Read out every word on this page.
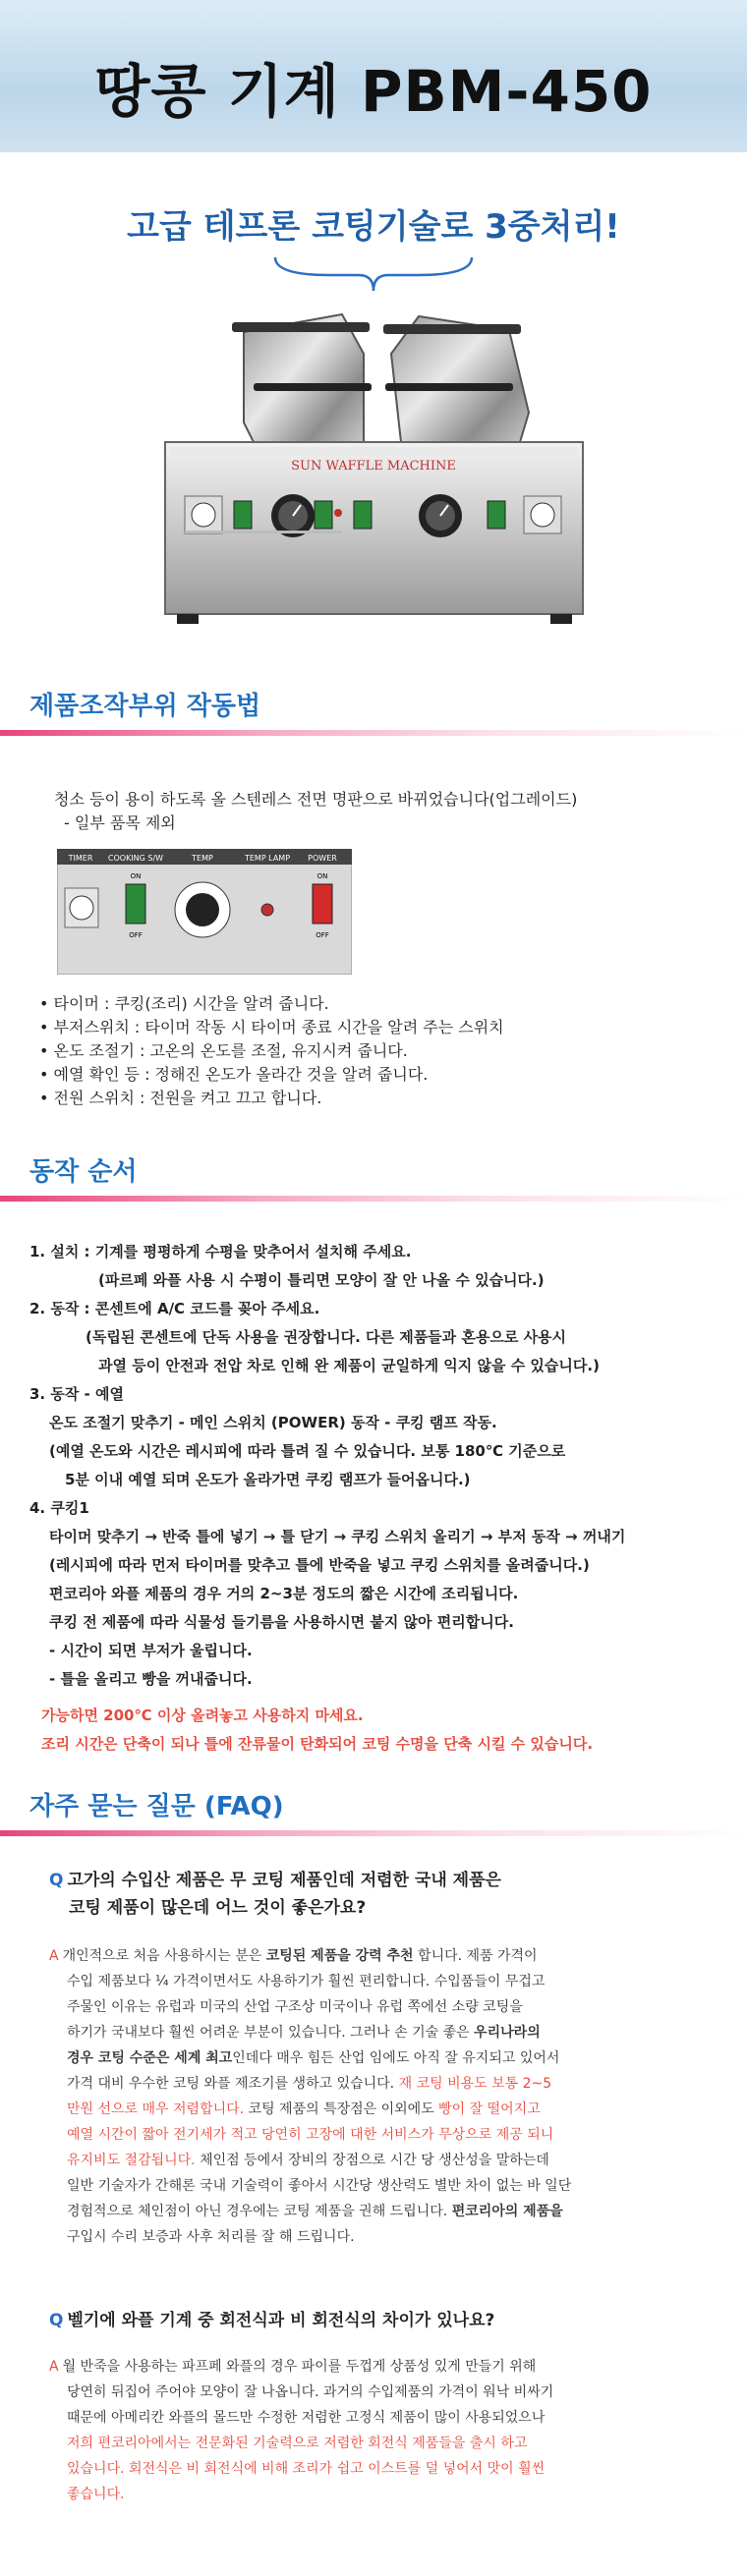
땅콩 기계 PBM-450
고급 테프론 코팅기술로 3중처리!
SUN WAFFLE MACHINE
제품조작부위 작동법
청소 등이 용이 하도록 올 스텐레스 전면 명판으로 바뀌었습니다(업그레이드)
- 일부 품목 제외
TIMER COOKING S/W	TEMP	TEMP LAMP POWER
ON
OFF
ON
OFF
• 타이머 : 쿠킹(조리) 시간을 알려 줍니다.
• 부저스위치 : 타이머 작동 시 타이머 종료 시간을 알려 주는 스위치
• 온도 조절기 : 고온의 온도를 조절, 유지시켜 줍니다.
• 예열 확인 등 : 정해진 온도가 올라간 것을 알려 줍니다.
• 전원 스위치 : 전원을 켜고 끄고 합니다.
동작 순서
1. 설치 : 기계를 평평하게 수평을 맞추어서 설치해 주세요.
(파르페 와플 사용 시 수평이 틀리면 모양이 잘 안 나올 수 있습니다.)
2. 동작 : 콘센트에 A/C 코드를 꽂아 주세요.
(독립된 콘센트에 단독 사용을 권장합니다. 다른 제품들과 혼용으로 사용시
과열 등이 안전과 전압 차로 인해 완 제품이 균일하게 익지 않을 수 있습니다.)
3. 동작 - 예열
온도 조절기 맞추기 - 메인 스위치 (POWER) 동작 - 쿠킹 램프 작동.
(예열 온도와 시간은 레시피에 따라 틀려 질 수 있습니다. 보통 180℃ 기준으로
5분 이내 예열 되며 온도가 올라가면 쿠킹 램프가 들어옵니다.)
4. 쿠킹1
타이머 맞추기 → 반죽 틀에 넣기 → 틀 닫기 → 쿠킹 스위치 올리기 → 부저 동작 → 꺼내기
(레시피에 따라 먼저 타이머를 맞추고 틀에 반죽을 넣고 쿠킹 스위치를 올려줍니다.)
편코리아 와플 제품의 경우 거의 2~3분 정도의 짧은 시간에 조리됩니다.
쿠킹 전 제품에 따라 식물성 들기름을 사용하시면 붙지 않아 편리합니다.
- 시간이 되면 부저가 울립니다.
- 틀을 올리고 빵을 꺼내줍니다.
가능하면 200℃ 이상 올려놓고 사용하지 마세요.
조리 시간은 단축이 되나 틀에 잔류물이 탄화되어 코팅 수명을 단축 시킬 수 있습니다.
자주 묻는 질문 (FAQ)
Q 고가의 수입산 제품은 무 코팅 제품인데 저렴한 국내 제품은
코팅 제품이 많은데 어느 것이 좋은가요?
A 개인적으로 처음 사용하시는 분은 코팅된 제품을 강력 추천 합니다. 제품 가격이
수입 제품보다 ¼ 가격이면서도 사용하기가 훨씬 편리합니다. 수입품들이 무겁고
주물인 이유는 유럽과 미국의 산업 구조상 미국이나 유럽 쪽에선 소량 코팅을
하기가 국내보다 훨씬 어려운 부분이 있습니다. 그러나 손 기술 좋은 우리나라의
경우 코팅 수준은 세계 최고인데다 매우 힘든 산업 임에도 아직 잘 유지되고 있어서
가격 대비 우수한 코팅 와플 제조기를 생하고 있습니다. 재 코팅 비용도 보통 2~5
만원 선으로 매우 저렴합니다. 코팅 제품의 특장점은 이외에도 빵이 잘 떨어지고
예열 시간이 짧아 전기세가 적고 당연히 고장에 대한 서비스가 무상으로 제공 되니
유지비도 절감됩니다. 체인점 등에서 장비의 장점으로 시간 당 생산성을 말하는데
일반 기술자가 간해론 국내 기술력이 좋아서 시간당 생산력도 별반 차이 없는 바 일단
경험적으로 체인점이 아닌 경우에는 코팅 제품을 권해 드립니다. 편코리아의 제품을
구입시 수리 보증과 사후 처리를 잘 해 드립니다.
Q 벨기에 와플 기계 중 회전식과 비 회전식의 차이가 있나요?
A 월 반죽을 사용하는 파프페 와플의 경우 파이를 두껍게 상품성 있게 만들기 위해
당연히 뒤집어 주어야 모양이 잘 나옵니다. 과거의 수입제품의 가격이 워낙 비싸기
때문에 아메리칸 와플의 몰드만 수정한 저렴한 고정식 제품이 많이 사용되었으나
저희 편코리아에서는 전문화된 기술력으로 저렴한 회전식 제품들을 출시 하고
있습니다. 회전식은 비 회전식에 비해 조리가 쉽고 이스트를 덜 넣어서 맛이 훨씬
좋습니다.
